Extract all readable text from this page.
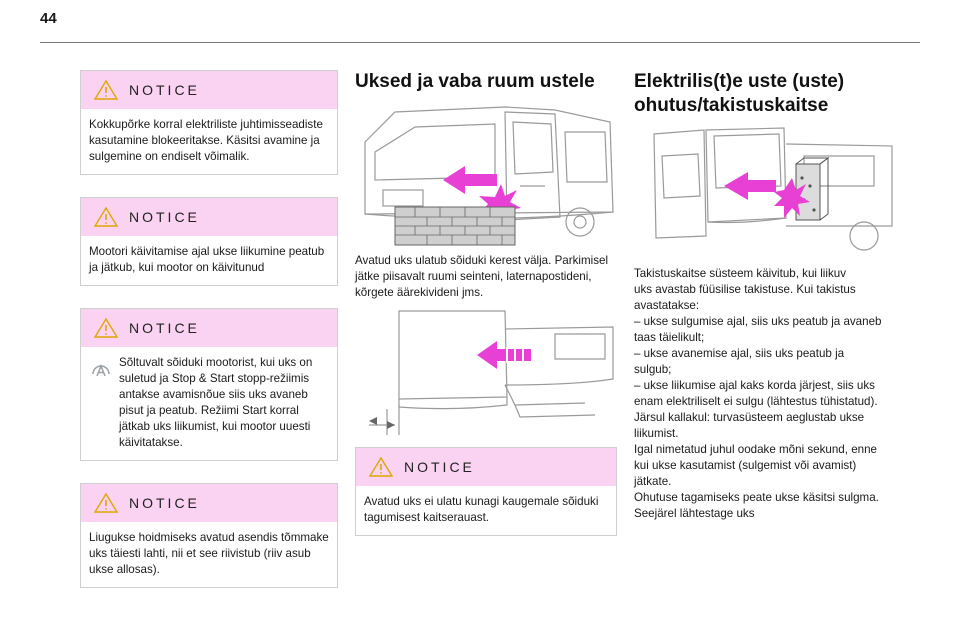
44
NOTICE

Kokkupõrke korral elektriliste juhtimisseadiste kasutamine blokeeritakse. Käsitsi avamine ja sulgemine on endiselt võimalik.

NOTICE

Mootori käivitamise ajal ukse liikumine peatub ja jätkub, kui mootor on käivitunud

NOTICE

Sõltuvalt sõiduki mootorist, kui uks on suletud ja Stop & Start stopp-režiimis antakse avamisnõue siis uks avaneb pisut ja peatub. Režiimi Start korral jätkab uks liikumist, kui mootor uuesti käivitatakse.

NOTICE

Liugukse hoidmiseks avatud asendis tõmmake uks täiesti lahti, nii et see riivistub (riiv asub ukse allosas).

Uksed ja vaba ruum ustele

Avatud uks ulatub sõiduki kerest välja. Parkimisel jätke piisavalt ruumi seinteni, laternapostideni, kõrgete äärekivideni jms.

NOTICE

Avatud uks ei ulatu kunagi kaugemale sõiduki tagumisest kaitserauast.

Elektrilis(t)e uste (uste)
ohutus/takistuskaitse
Takistuskaitse süsteem käivitub, kui liikuv
uks avastab füüsilise takistuse. Kui takistus
avastatakse:
– ukse sulgumise ajal, siis uks peatub ja avaneb
taas täielikult;
– ukse avanemise ajal, siis uks peatub ja
sulgub;
– ukse liikumise ajal kaks korda järjest, siis uks
enam elektriliselt ei sulgu (lähtestus tühistatud).
Järsul kallakul: turvasüsteem aeglustab ukse
liikumist.
Igal nimetatud juhul oodake mõni sekund, enne
kui ukse kasutamist (sulgemist või avamist)
jätkate.
Ohutuse tagamiseks peate ukse käsitsi sulgma.
Seejärel lähtestage uks
